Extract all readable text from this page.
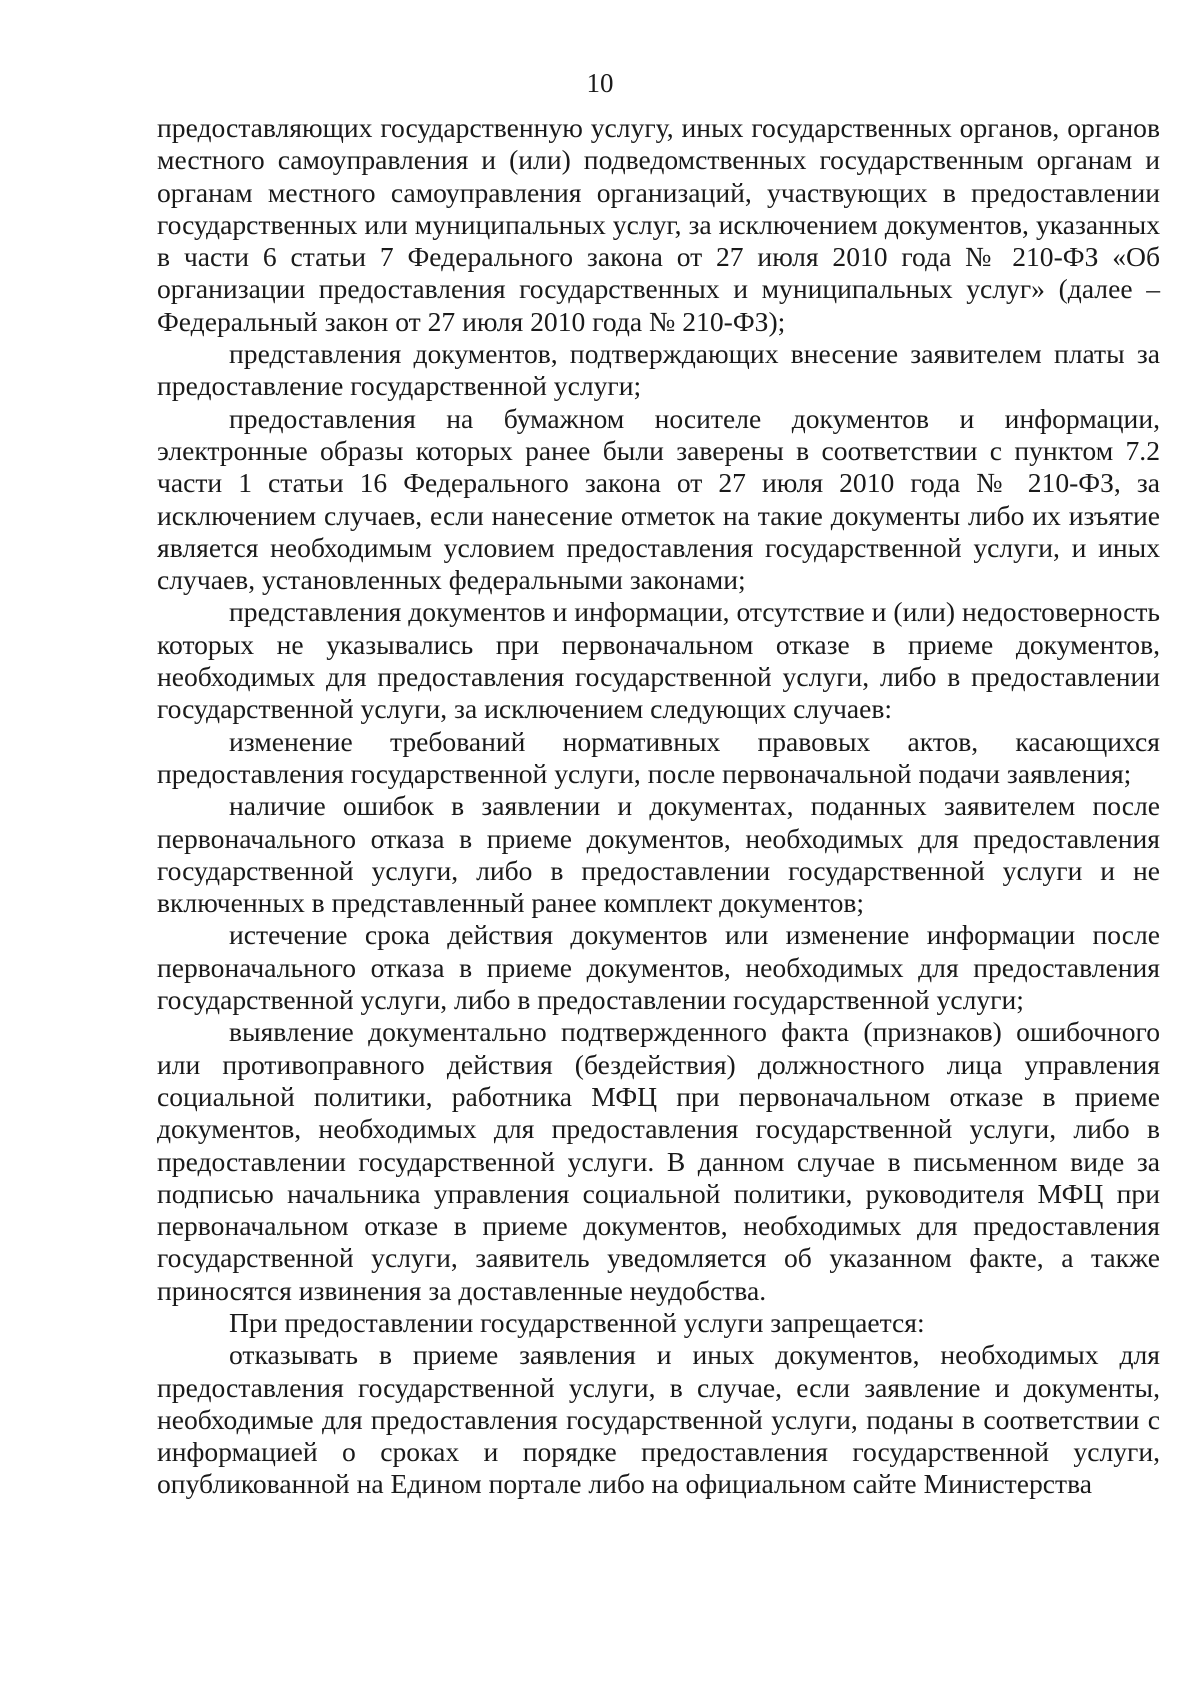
10

предоставляющих государственную услугу, иных государственных органов, органов местного самоуправления и (или) подведомственных государственным органам и органам местного самоуправления организаций, участвующих в предоставлении государственных или муниципальных услуг, за исключением документов, указанных в части 6 статьи 7 Федерального закона от 27 июля 2010 года № 210-ФЗ «Об организации предоставления государственных и муниципальных услуг» (далее – Федеральный закон от 27 июля 2010 года № 210-ФЗ);

представления документов, подтверждающих внесение заявителем платы за предоставление государственной услуги;

предоставления на бумажном носителе документов и информации, электронные образы которых ранее были заверены в соответствии с пунктом 7.2 части 1 статьи 16 Федерального закона от 27 июля 2010 года № 210-ФЗ, за исключением случаев, если нанесение отметок на такие документы либо их изъятие является необходимым условием предоставления государственной услуги, и иных случаев, установленных федеральными законами;

представления документов и информации, отсутствие и (или) недостоверность которых не указывались при первоначальном отказе в приеме документов, необходимых для предоставления государственной услуги, либо в предоставлении государственной услуги, за исключением следующих случаев:

изменение требований нормативных правовых актов, касающихся предоставления государственной услуги, после первоначальной подачи заявления;

наличие ошибок в заявлении и документах, поданных заявителем после первоначального отказа в приеме документов, необходимых для предоставления государственной услуги, либо в предоставлении государственной услуги и не включенных в представленный ранее комплект документов;

истечение срока действия документов или изменение информации после первоначального отказа в приеме документов, необходимых для предоставления государственной услуги, либо в предоставлении государственной услуги;

выявление документально подтвержденного факта (признаков) ошибочного или противоправного действия (бездействия) должностного лица управления социальной политики, работника МФЦ при первоначальном отказе в приеме документов, необходимых для предоставления государственной услуги, либо в предоставлении государственной услуги. В данном случае в письменном виде за подписью начальника управления социальной политики, руководителя МФЦ при первоначальном отказе в приеме документов, необходимых для предоставления государственной услуги, заявитель уведомляется об указанном факте, а также приносятся извинения за доставленные неудобства.

При предоставлении государственной услуги запрещается:

отказывать в приеме заявления и иных документов, необходимых для предоставления государственной услуги, в случае, если заявление и документы, необходимые для предоставления государственной услуги, поданы в соответствии с информацией о сроках и порядке предоставления государственной услуги, опубликованной на Едином портале либо на официальном сайте Министерства
